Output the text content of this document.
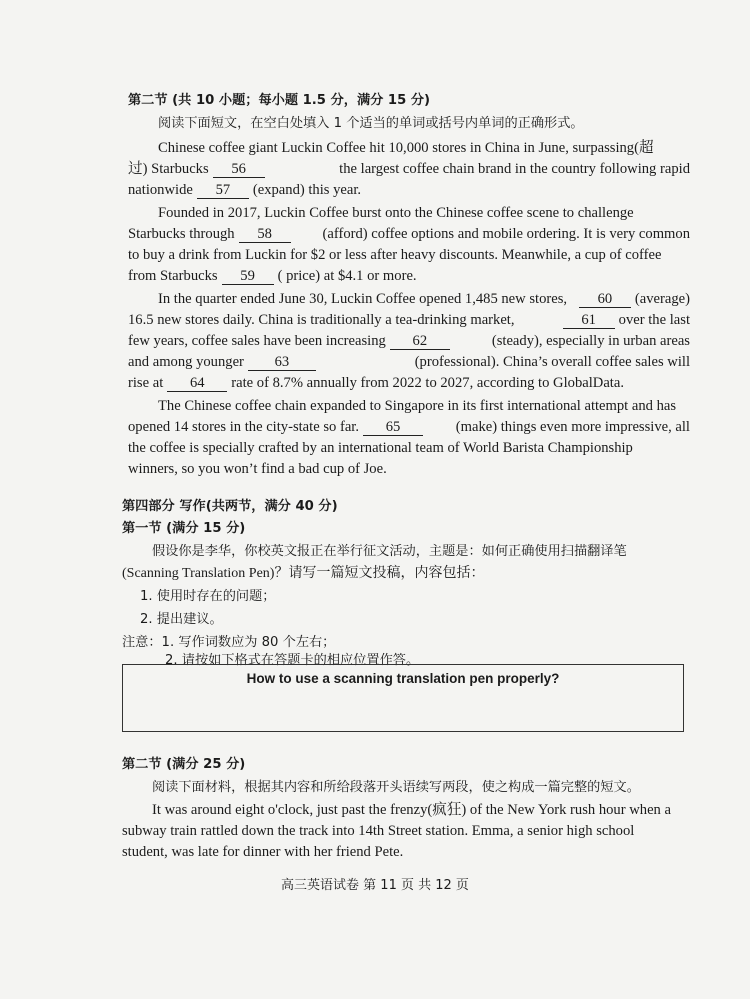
第二节 (共 10 小题；每小题 1.5 分，满分 15 分)
阅读下面短文，在空白处填入 1 个适当的单词或括号内单词的正确形式。
Chinese coffee giant Luckin Coffee hit 10,000 stores in China in June, surpassing(超
过) Starbucks 56	the largest coffee chain brand in the country following rapid
nationwide 57 (expand) this year.
Founded in 2017, Luckin Coffee burst onto the Chinese coffee scene to challenge
Starbucks through 58	(afford) coffee options and mobile ordering. It is very common
to buy a drink from Luckin for $2 or less after heavy discounts. Meanwhile, a cup of coffee
from Starbucks 59 ( price) at $4.1 or more.
In the quarter ended June 30, Luckin Coffee opened 1,485 new stores,	60 (average)
16.5 new stores daily. China is traditionally a tea-drinking market,	61 over the last
few years, coffee sales have been increasing 62	(steady), especially in urban areas
and among younger 63	(professional). China’s overall coffee sales will
rise at 64 rate of 8.7% annually from 2022 to 2027, according to GlobalData.
The Chinese coffee chain expanded to Singapore in its first international attempt and has
opened 14 stores in the city-state so far. 65	(make) things even more impressive, all
the coffee is specially crafted by an international team of World Barista Championship
winners, so you won’t find a bad cup of Joe.
第四部分 写作(共两节，满分 40 分)
第一节 (满分 15 分)
假设你是李华，你校英文报正在举行征文活动，主题是：如何正确使用扫描翻译笔
(Scanning Translation Pen)？请写一篇短文投稿，内容包括：
1. 使用时存在的问题；
2. 提出建议。
注意：1. 写作词数应为 80 个左右；
2. 请按如下格式在答题卡的相应位置作答。
How to use a scanning translation pen properly?
第二节 (满分 25 分)
阅读下面材料，根据其内容和所给段落开头语续写两段，使之构成一篇完整的短文。
It was around eight o'clock, just past the frenzy(疯狂) of the New York rush hour when a
subway train rattled down the track into 14th Street station. Emma, a senior high school
student, was late for dinner with her friend Pete.
高三英语试卷 第 11 页 共 12 页
